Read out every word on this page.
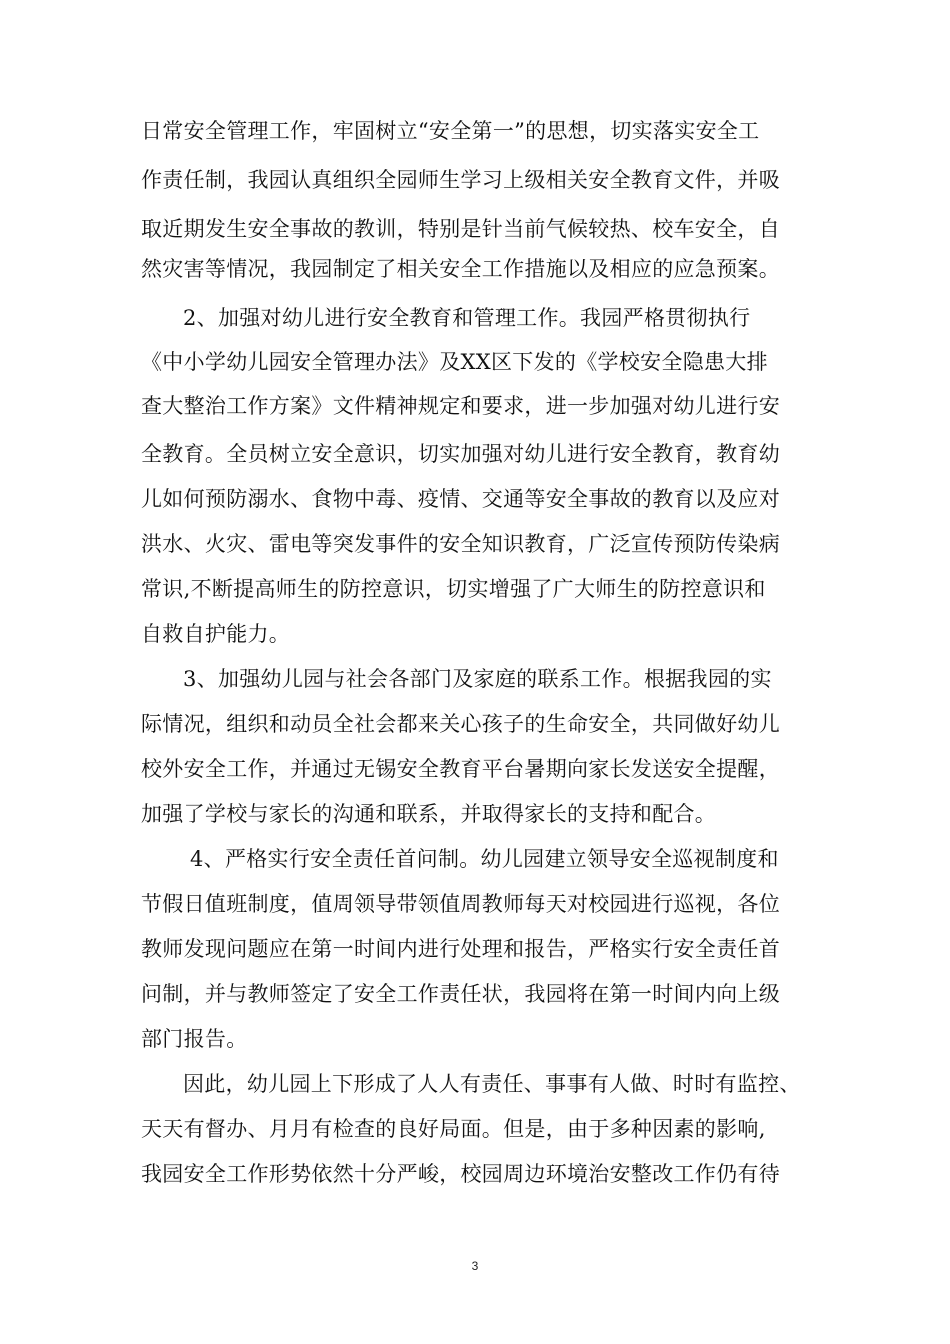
日常安全管理工作，牢固树立“安全第一”的思想，切实落实安全工
作责任制，我园认真组织全园师生学习上级相关安全教育文件，并吸
取近期发生安全事故的教训，特别是针当前气候较热、校车安全，自
然灾害等情况，我园制定了相关安全工作措施以及相应的应急预案。
2、加强对幼儿进行安全教育和管理工作。我园严格贯彻执行
《中小学幼儿园安全管理办法》及XX区下发的《学校安全隐患大排
查大整治工作方案》文件精神规定和要求，进一步加强对幼儿进行安
全教育。全员树立安全意识，切实加强对幼儿进行安全教育，教育幼
儿如何预防溺水、食物中毒、疫情、交通等安全事故的教育以及应对
洪水、火灾、雷电等突发事件的安全知识教育，广泛宣传预防传染病
常识,不断提高师生的防控意识，切实增强了广大师生的防控意识和
自救自护能力。
3、加强幼儿园与社会各部门及家庭的联系工作。根据我园的实
际情况，组织和动员全社会都来关心孩子的生命安全，共同做好幼儿
校外安全工作，并通过无锡安全教育平台暑期向家长发送安全提醒，
加强了学校与家长的沟通和联系，并取得家长的支持和配合。
4、严格实行安全责任首问制。幼儿园建立领导安全巡视制度和
节假日值班制度，值周领导带领值周教师每天对校园进行巡视，各位
教师发现问题应在第一时间内进行处理和报告，严格实行安全责任首
问制，并与教师签定了安全工作责任状，我园将在第一时间内向上级
部门报告。
因此，幼儿园上下形成了人人有责任、事事有人做、时时有监控、
天天有督办、月月有检查的良好局面。但是，由于多种因素的影响,
我园安全工作形势依然十分严峻，校园周边环境治安整改工作仍有待
3
